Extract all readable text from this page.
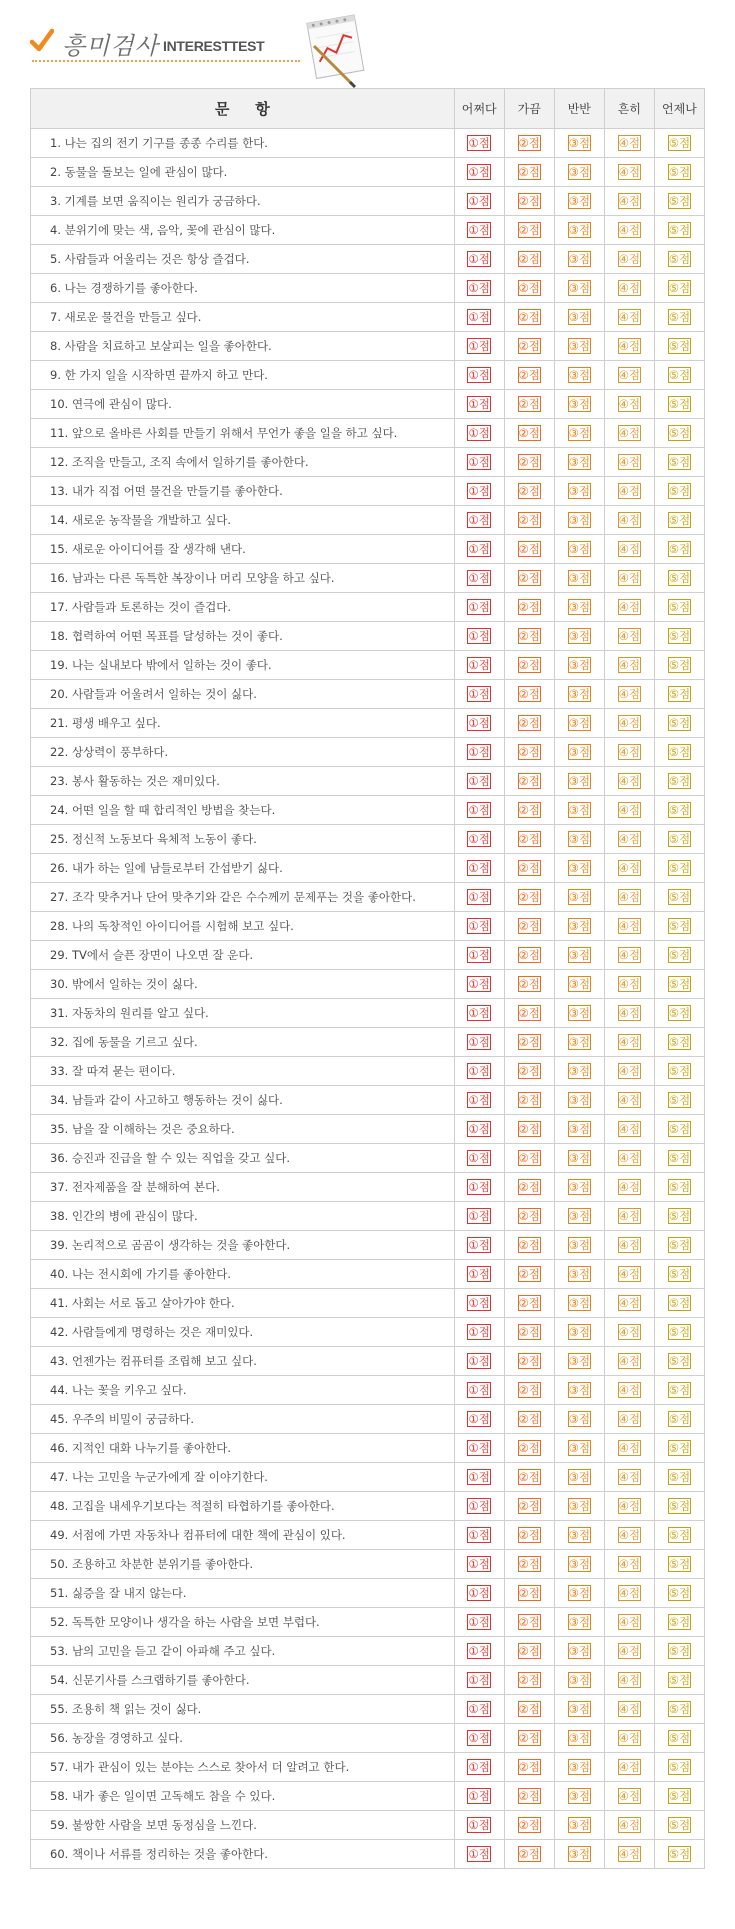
흥미검사 INTERESTTEST
문항	어쩌다	가끔	반반	흔히	언제나
1. 나는 집의 전기 기구를 종종 수리를 한다.	①점	②점	③점	④점	⑤점
2. 동물을 돌보는 일에 관심이 많다.	①점	②점	③점	④점	⑤점
3. 기계를 보면 움직이는 원리가 궁금하다.	①점	②점	③점	④점	⑤점
4. 분위기에 맞는 색, 음악, 꽃에 관심이 많다.	①점	②점	③점	④점	⑤점
5. 사람들과 어울리는 것은 항상 즐겁다.	①점	②점	③점	④점	⑤점
6. 나는 경쟁하기를 좋아한다.	①점	②점	③점	④점	⑤점
7. 새로운 물건을 만들고 싶다.	①점	②점	③점	④점	⑤점
8. 사람을 치료하고 보살피는 일을 좋아한다.	①점	②점	③점	④점	⑤점
9. 한 가지 일을 시작하면 끝까지 하고 만다.	①점	②점	③점	④점	⑤점
10. 연극에 관심이 많다.	①점	②점	③점	④점	⑤점
11. 앞으로 올바른 사회를 만들기 위해서 무언가 좋을 일을 하고 싶다.	①점	②점	③점	④점	⑤점
12. 조직을 만들고, 조직 속에서 일하기를 좋아한다.	①점	②점	③점	④점	⑤점
13. 내가 직접 어떤 물건을 만들기를 좋아한다.	①점	②점	③점	④점	⑤점
14. 새로운 농작물을 개발하고 싶다.	①점	②점	③점	④점	⑤점
15. 새로운 아이디어를 잘 생각해 낸다.	①점	②점	③점	④점	⑤점
16. 남과는 다른 독특한 복장이나 머리 모양을 하고 싶다.	①점	②점	③점	④점	⑤점
17. 사람들과 토론하는 것이 즐겁다.	①점	②점	③점	④점	⑤점
18. 협력하여 어떤 목표를 달성하는 것이 좋다.	①점	②점	③점	④점	⑤점
19. 나는 실내보다 밖에서 일하는 것이 좋다.	①점	②점	③점	④점	⑤점
20. 사람들과 어울려서 일하는 것이 싫다.	①점	②점	③점	④점	⑤점
21. 평생 배우고 싶다.	①점	②점	③점	④점	⑤점
22. 상상력이 풍부하다.	①점	②점	③점	④점	⑤점
23. 봉사 활동하는 것은 재미있다.	①점	②점	③점	④점	⑤점
24. 어떤 일을 할 때 합리적인 방법을 찾는다.	①점	②점	③점	④점	⑤점
25. 정신적 노동보다 육체적 노동이 좋다.	①점	②점	③점	④점	⑤점
26. 내가 하는 일에 남들로부터 간섭받기 싫다.	①점	②점	③점	④점	⑤점
27. 조각 맞추거나 단어 맞추기와 같은 수수께끼 문제푸는 것을 좋아한다.	①점	②점	③점	④점	⑤점
28. 나의 독창적인 아이디어를 시험해 보고 싶다.	①점	②점	③점	④점	⑤점
29. TV에서 슬픈 장면이 나오면 잘 운다.	①점	②점	③점	④점	⑤점
30. 밖에서 일하는 것이 싫다.	①점	②점	③점	④점	⑤점
31. 자동차의 원리를 알고 싶다.	①점	②점	③점	④점	⑤점
32. 집에 동물을 기르고 싶다.	①점	②점	③점	④점	⑤점
33. 잘 따져 묻는 편이다.	①점	②점	③점	④점	⑤점
34. 남들과 같이 사고하고 행동하는 것이 싫다.	①점	②점	③점	④점	⑤점
35. 남을 잘 이해하는 것은 중요하다.	①점	②점	③점	④점	⑤점
36. 승진과 진급을 할 수 있는 직업을 갖고 싶다.	①점	②점	③점	④점	⑤점
37. 전자제품을 잘 분해하여 본다.	①점	②점	③점	④점	⑤점
38. 인간의 병에 관심이 많다.	①점	②점	③점	④점	⑤점
39. 논리적으로 곰곰이 생각하는 것을 좋아한다.	①점	②점	③점	④점	⑤점
40. 나는 전시회에 가기를 좋아한다.	①점	②점	③점	④점	⑤점
41. 사회는 서로 돕고 살아가야 한다.	①점	②점	③점	④점	⑤점
42. 사람들에게 명령하는 것은 재미있다.	①점	②점	③점	④점	⑤점
43. 언젠가는 컴퓨터를 조립해 보고 싶다.	①점	②점	③점	④점	⑤점
44. 나는 꽃을 키우고 싶다.	①점	②점	③점	④점	⑤점
45. 우주의 비밀이 궁금하다.	①점	②점	③점	④점	⑤점
46. 지적인 대화 나누기를 좋아한다.	①점	②점	③점	④점	⑤점
47. 나는 고민을 누군가에게 잘 이야기한다.	①점	②점	③점	④점	⑤점
48. 고집을 내세우기보다는 적절히 타협하기를 좋아한다.	①점	②점	③점	④점	⑤점
49. 서점에 가면 자동차나 컴퓨터에 대한 책에 관심이 있다.	①점	②점	③점	④점	⑤점
50. 조용하고 차분한 분위기를 좋아한다.	①점	②점	③점	④점	⑤점
51. 싫증을 잘 내지 않는다.	①점	②점	③점	④점	⑤점
52. 독특한 모양이나 생각을 하는 사람을 보면 부럽다.	①점	②점	③점	④점	⑤점
53. 남의 고민을 듣고 같이 아파해 주고 싶다.	①점	②점	③점	④점	⑤점
54. 신문기사를 스크랩하기를 좋아한다.	①점	②점	③점	④점	⑤점
55. 조용히 책 읽는 것이 싫다.	①점	②점	③점	④점	⑤점
56. 농장을 경영하고 싶다.	①점	②점	③점	④점	⑤점
57. 내가 관심이 있는 분야는 스스로 찾아서 더 알려고 한다.	①점	②점	③점	④점	⑤점
58. 내가 좋은 일이면 고독해도 참을 수 있다.	①점	②점	③점	④점	⑤점
59. 불쌍한 사람을 보면 동정심을 느낀다.	①점	②점	③점	④점	⑤점
60. 책이나 서류를 정리하는 것을 좋아한다.	①점	②점	③점	④점	⑤점
